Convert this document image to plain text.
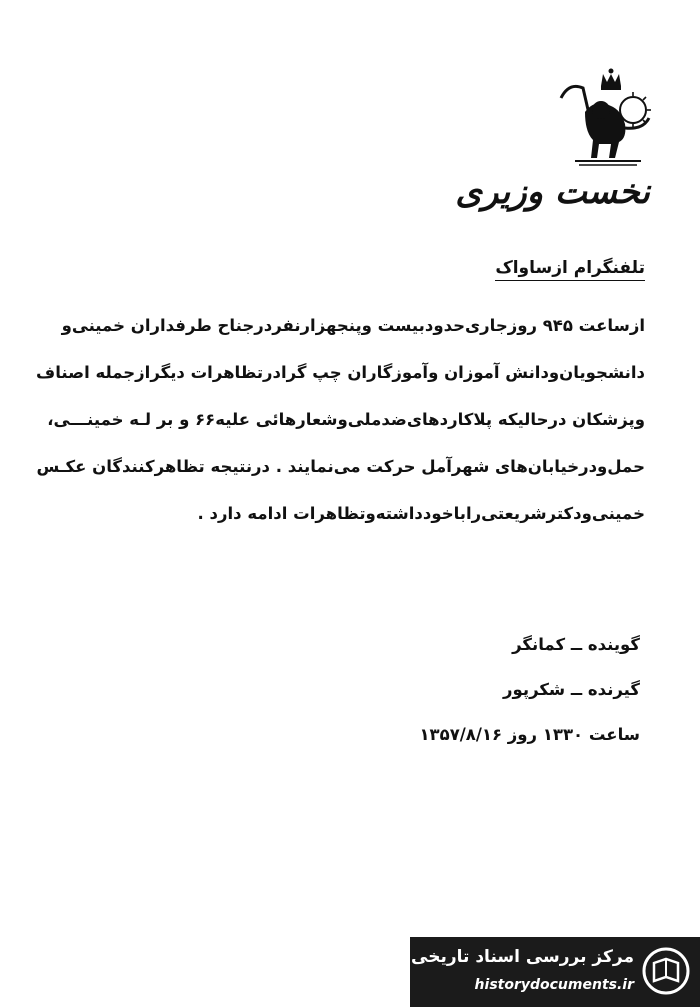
نخست وزیری
تلفنگرام ازساواک
ازساعت ۹۴۵ روزجاری‌حدودبیست وپنجهزارنفردرجناح طرفداران خمینی‌و
دانشجویان‌ودانش آموزان وآموزگاران چپ گرادرتظاهرات دیگرازجمله اصناف
وپزشکان درحالیکه پلاکاردهای‌ضدملی‌وشعارهائی علیه۶۶ و بر لـه خمینـــی،
حمل‌ودرخیابان‌های شهرآمل حرکت می‌نمایند . درنتیجه تظاهرکنندگان عکـس
خمینی‌ودکترشریعتی‌راباخودداشته‌وتظاهرات ادامه دارد .
گوینده ــ کمانگر
گیرنده ــ شکرپور
ساعت ۱۳۳۰ روز ۱۳۵۷/۸/۱۶
مرکز بررسی اسناد تاریخی
historydocuments.ir
